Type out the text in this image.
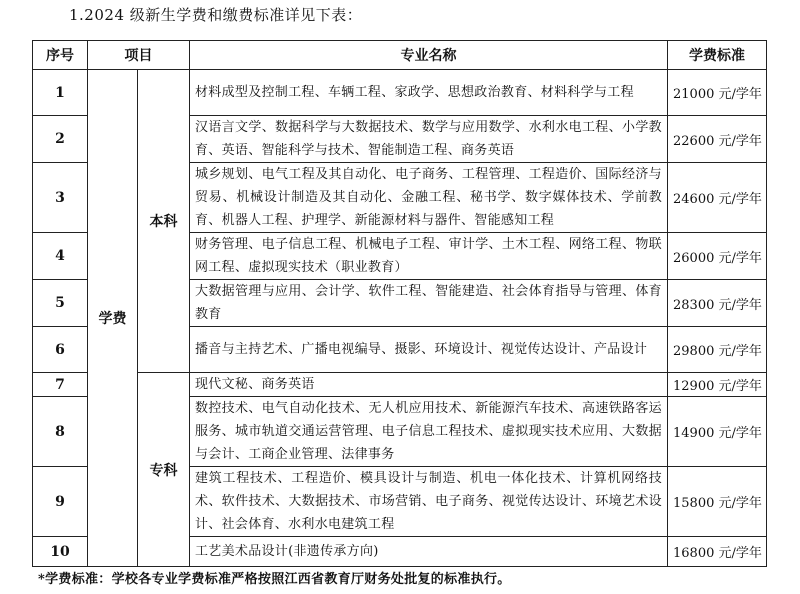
1.2024 级新生学费和缴费标准详见下表：
序号	项目		专业名称	学费标准
1	学费	本科	材料成型及控制工程、车辆工程、家政学、思想政治教育、材料科学与工程	21000 元/学年
2			汉语言文学、数据科学与大数据技术、数学与应用数学、水利水电工程、小学教育、英语、智能科学与技术、智能制造工程、商务英语	22600 元/学年
3			城乡规划、电气工程及其自动化、电子商务、工程管理、工程造价、国际经济与贸易、机械设计制造及其自动化、金融工程、秘书学、数字媒体技术、学前教育、机器人工程、护理学、新能源材料与器件、智能感知工程	24600 元/学年
4			财务管理、电子信息工程、机械电子工程、审计学、土木工程、网络工程、物联网工程、虚拟现实技术（职业教育）	26000 元/学年
5			大数据管理与应用、会计学、软件工程、智能建造、社会体育指导与管理、体育教育	28300 元/学年
6			播音与主持艺术、广播电视编导、摄影、环境设计、视觉传达设计、产品设计	29800 元/学年
7		专科	现代文秘、商务英语	12900 元/学年
8			数控技术、电气自动化技术、无人机应用技术、新能源汽车技术、高速铁路客运服务、城市轨道交通运营管理、电子信息工程技术、虚拟现实技术应用、大数据与会计、工商企业管理、法律事务	14900 元/学年
9			建筑工程技术、工程造价、模具设计与制造、机电一体化技术、计算机网络技术、软件技术、大数据技术、市场营销、电子商务、视觉传达设计、环境艺术设计、社会体育、水利水电建筑工程	15800 元/学年
10			工艺美术品设计(非遗传承方向)	16800 元/学年
*学费标准：学校各专业学费标准严格按照江西省教育厅财务处批复的标准执行。
